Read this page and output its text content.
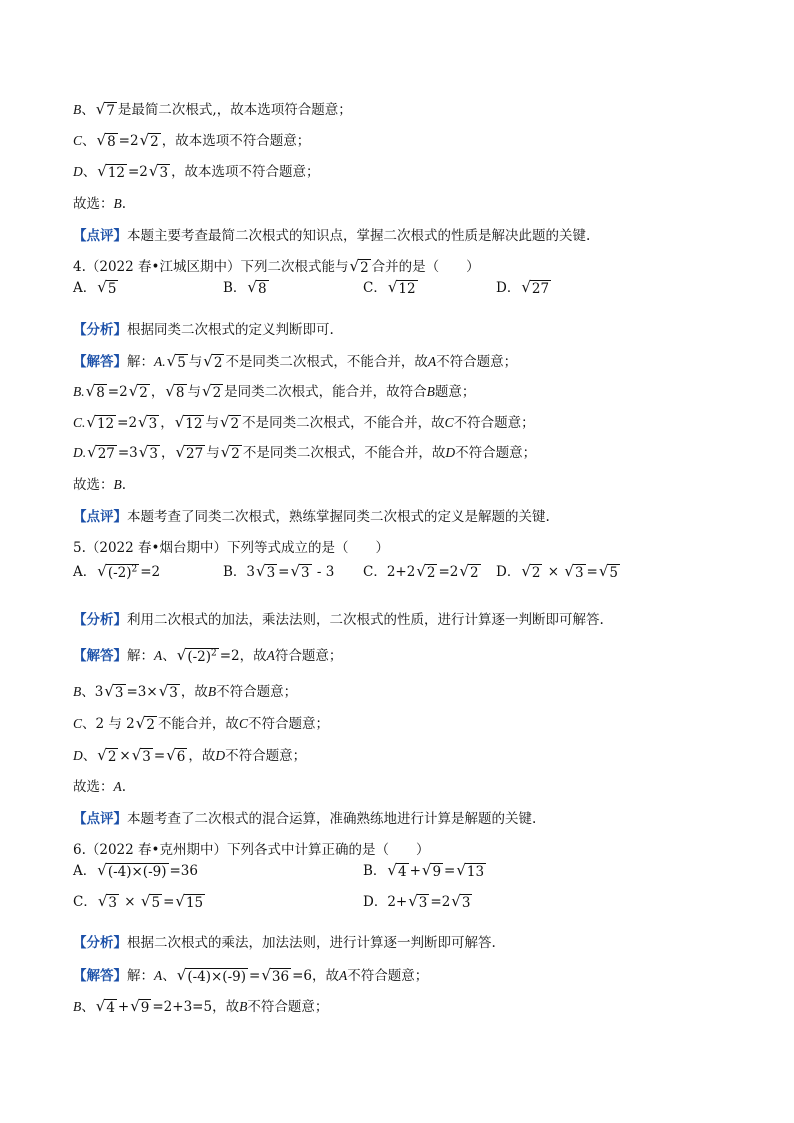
B 、 √ 7 是最简二次根式,，故本选项符合题意；
C 、 √ 8 =2 √ 2 ，故本选项不符合题意；
D 、 √ 12 =2 √ 3 ，故本选项不符合题意；
故选： B .
【点评】 本题主要考查最简二次根式的知识点，掌握二次根式的性质是解决此题的关键.
4.（2022 春•江城区期中）下列二次根式能与 √ 2 合并的是（　　）
A． √ 5	B． √ 8	C． √ 12	D． √ 27
【分析】 根据同类二次根式的定义判断即可.
【解答】 解： A. √ 5 与 √ 2 不是同类二次根式，不能合并，故 A 不符合题意；
B. √ 8 =2 √ 2 ， √ 8 与 √ 2 是同类二次根式，能合并，故符合 B 题意；
C. √ 12 =2 √ 3 ， √ 12 与 √ 2 不是同类二次根式，不能合并，故 C 不符合题意；
D. √ 27 =3 √ 3 ， √ 27 与 √ 2 不是同类二次根式，不能合并，故 D 不符合题意；
故选： B .
【点评】 本题考查了同类二次根式，熟练掌握同类二次根式的定义是解题的关键.
5.（2022 春•烟台期中）下列等式成立的是（　　）
A． √ $(-2)^2 =2$	B．3 √ 3 = √ 3 - 3 C．2+2 √ 2 =2 √ 2 D． √ 2 × √ 3 = √ 5
【分析】 利用二次根式的加法，乘法法则，二次根式的性质，进行计算逐一判断即可解答.
【解答】 解： A 、 √ $(-2)^2 =2$，故 A 符合题意；
B 、3 √ 3 =3× √ 3 ，故 B 不符合题意；
C 、2 与 2 √ 2 不能合并，故 C 不符合题意；
D 、 √ 2 × √ 3 = √ 6 ，故 D 不符合题意；
故选： A .
【点评】 本题考查了二次根式的混合运算，准确熟练地进行计算是解题的关键.
6.（2022 春•克州期中）下列各式中计算正确的是（　　）
A． √ (-4)×(-9) =36	B． √ 4 + √ 9 = √ 13
C． √ 3 × √ 5 = √ 15	D．2+ √ 3 =2 √ 3
【分析】 根据二次根式的乘法，加法法则，进行计算逐一判断即可解答.
【解答】 解： A 、 √ (-4)×(-9) = √ 36 =6，故 A 不符合题意；
B 、 √ 4 + √ 9 =2+3=5，故 B 不符合题意；
